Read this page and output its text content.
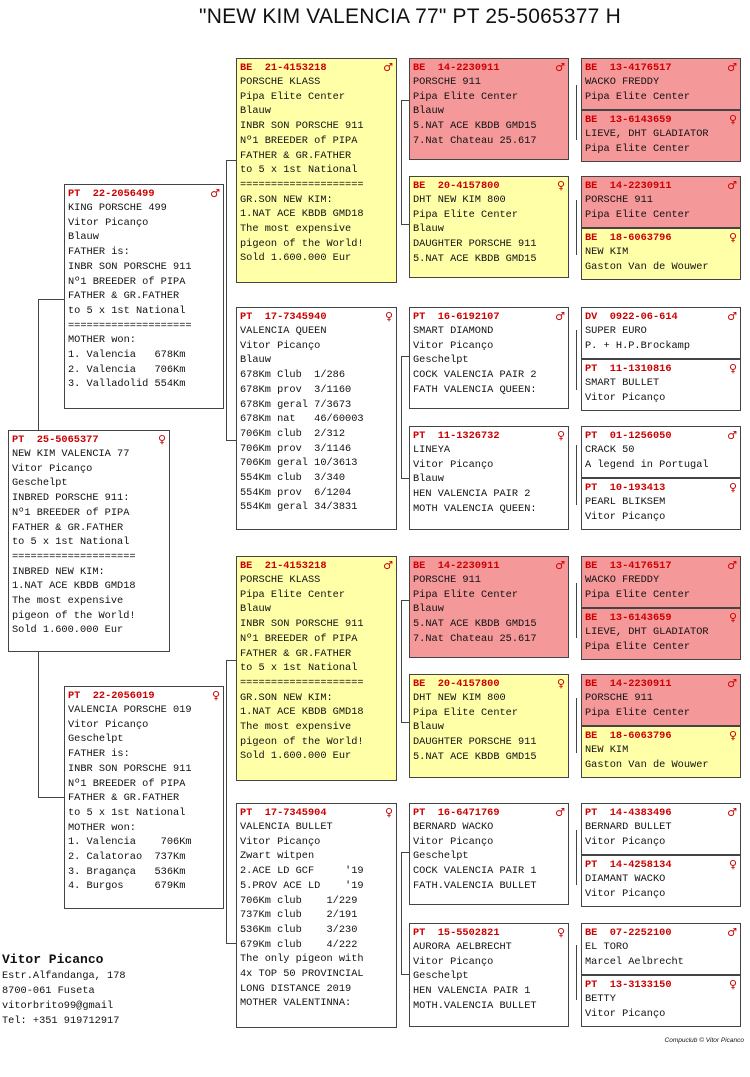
"NEW KIM VALENCIA 77" PT 25-5065377 H
PT  25-5065377	♀
NEW KIM VALENCIA 77
Vitor Picanço
Geschelpt
INBRED PORSCHE 911:
Nº1 BREEDER of PIPA
FATHER & GR.FATHER
to 5 x 1st National
====================
INBRED NEW KIM:
1.NAT ACE KBDB GMD18
The most expensive
pigeon of the World!
Sold 1.600.000 Eur
PT  22-2056499	♂
KING PORSCHE 499
Vitor Picanço
Blauw
FATHER is:
INBR SON PORSCHE 911
Nº1 BREEDER of PIPA
FATHER & GR.FATHER
to 5 x 1st National
====================
MOTHER won:
1. Valencia   678Km
2. Valencia   706Km
3. Valladolid 554Km
PT  22-2056019	♀
VALENCIA PORSCHE 019
Vitor Picanço
Geschelpt
FATHER is:
INBR SON PORSCHE 911
Nº1 BREEDER of PIPA
FATHER & GR.FATHER
to 5 x 1st National
MOTHER won:
1. Valencia    706Km
2. Calatorao  737Km
3. Bragança   536Km
4. Burgos     679Km
BE  21-4153218	♂
PORSCHE KLASS
Pipa Elite Center
Blauw
INBR SON PORSCHE 911
Nº1 BREEDER of PIPA
FATHER & GR.FATHER
to 5 x 1st National
====================
GR.SON NEW KIM:
1.NAT ACE KBDB GMD18
The most expensive
pigeon of the World!
Sold 1.600.000 Eur
PT  17-7345940	♀
VALENCIA QUEEN
Vitor Picanço
Blauw
678Km Club  1/286
678Km prov  3/1160
678Km geral 7/3673
678Km nat   46/60003
706Km club  2/312
706Km prov  3/1146
706Km geral 10/3613
554Km club  3/340
554Km prov  6/1204
554Km geral 34/3831
BE  21-4153218	♂
PORSCHE KLASS
Pipa Elite Center
Blauw
INBR SON PORSCHE 911
Nº1 BREEDER of PIPA
FATHER & GR.FATHER
to 5 x 1st National
====================
GR.SON NEW KIM:
1.NAT ACE KBDB GMD18
The most expensive
pigeon of the World!
Sold 1.600.000 Eur
PT  17-7345904	♀
VALENCIA BULLET
Vitor Picanço
Zwart witpen
2.ACE LD GCF     '19
5.PROV ACE LD    '19
706Km club    1/229
737Km club    2/191
536Km club    3/230
679Km club    4/222
The only pigeon with
4x TOP 50 PROVINCIAL
LONG DISTANCE 2019
MOTHER VALENTINNA:
BE  14-2230911	♂
PORSCHE 911
Pipa Elite Center
Blauw
5.NAT ACE KBDB GMD15
7.Nat Chateau 25.617
BE  20-4157800	♀
DHT NEW KIM 800
Pipa Elite Center
Blauw
DAUGHTER PORSCHE 911
5.NAT ACE KBDB GMD15
PT  16-6192107	♂
SMART DIAMOND
Vitor Picanço
Geschelpt
COCK VALENCIA PAIR 2
FATH VALENCIA QUEEN:
PT  11-1326732	♀
LINEYA
Vitor Picanço
Blauw
HEN VALENCIA PAIR 2
MOTH VALENCIA QUEEN:
BE  14-2230911	♂
PORSCHE 911
Pipa Elite Center
Blauw
5.NAT ACE KBDB GMD15
7.Nat Chateau 25.617
BE  20-4157800	♀
DHT NEW KIM 800
Pipa Elite Center
Blauw
DAUGHTER PORSCHE 911
5.NAT ACE KBDB GMD15
PT  16-6471769	♂
BERNARD WACKO
Vitor Picanço
Geschelpt
COCK VALENCIA PAIR 1
FATH.VALENCIA BULLET
PT  15-5502821	♀
AURORA AELBRECHT
Vitor Picanço
Geschelpt
HEN VALENCIA PAIR 1
MOTH.VALENCIA BULLET
BE  13-4176517	♂
WACKO FREDDY
Pipa Elite Center
BE  13-6143659	♀
LIEVE, DHT GLADIATOR
Pipa Elite Center
BE  14-2230911	♂
PORSCHE 911
Pipa Elite Center
BE  18-6063796	♀
NEW KIM
Gaston Van de Wouwer
DV  0922-06-614	♂
SUPER EURO
P. + H.P.Brockamp
PT  11-1310816	♀
SMART BULLET
Vitor Picanço
PT  01-1256050	♂
CRACK 50
A legend in Portugal
PT  10-193413	♀
PEARL BLIKSEM
Vitor Picanço
BE  13-4176517	♂
WACKO FREDDY
Pipa Elite Center
BE  13-6143659	♀
LIEVE, DHT GLADIATOR
Pipa Elite Center
BE  14-2230911	♂
PORSCHE 911
Pipa Elite Center
BE  18-6063796	♀
NEW KIM
Gaston Van de Wouwer
PT  14-4383496	♂
BERNARD BULLET
Vitor Picanço
PT  14-4258134	♀
DIAMANT WACKO
Vitor Picanço
BE  07-2252100	♂
EL TORO
Marcel Aelbrecht
PT  13-3133150	♀
BETTY
Vitor Picanço
Vitor Picanco
Estr.Alfandanga, 178
8700-061 Fuseta
vitorbrito99@gmail
Tel: +351 919712917
Compuclub © Vitor Picanco
